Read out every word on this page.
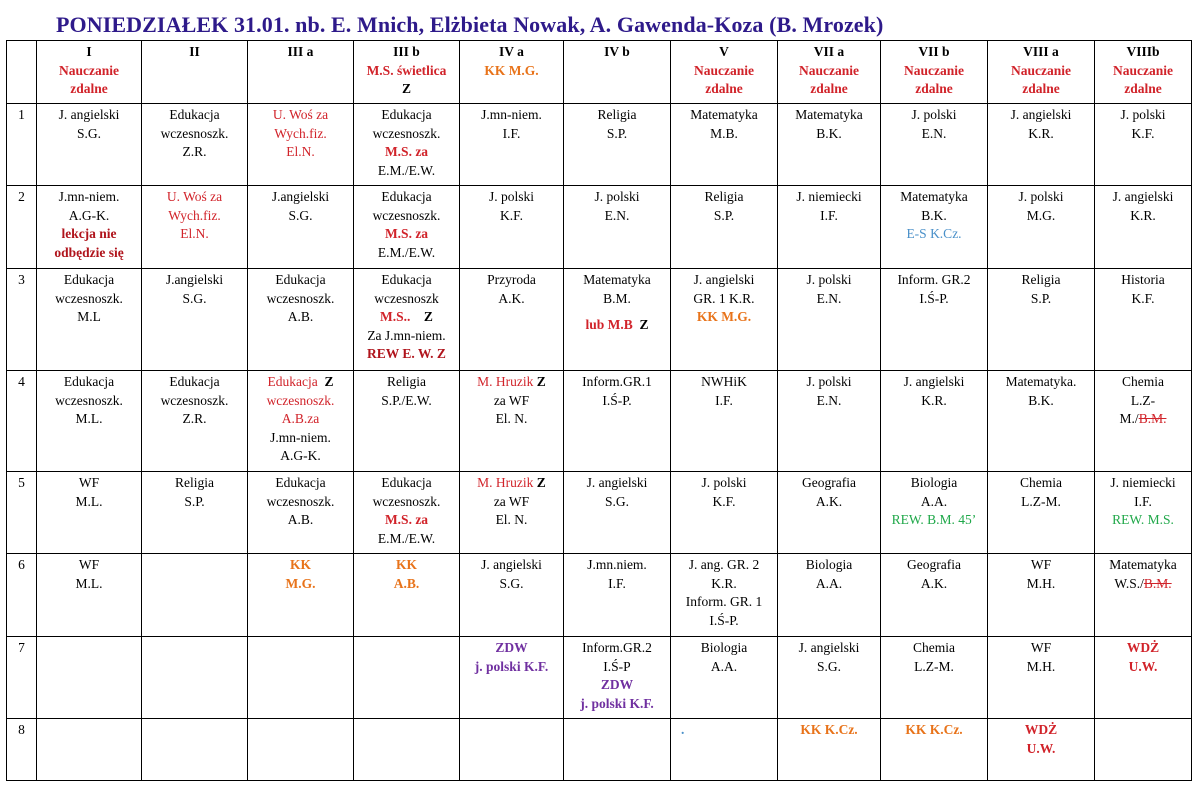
PONIEDZIAŁEK 31.01. nb. E. Mnich, Elżbieta Nowak, A. Gawenda-Koza (B. Mrozek)

	I
Nauczanie
zdalne	II	III a	III b
M.S. świetlica
Z	IV a
KK M.G.	IV b	V
Nauczanie
zdalne	VII a
Nauczanie
zdalne	VII b
Nauczanie
zdalne	VIII a
Nauczanie
zdalne	VIIIb
Nauczanie
zdalne

1	J. angielski
S.G.	Edukacja
wczesnoszk.
Z.R.	U. Woś za
Wych.fiz.
El.N.	Edukacja
wczesnoszk.
M.S. za
E.M./E.W.	J.mn-niem.
I.F.	Religia
S.P.	Matematyka
M.B.	Matematyka
B.K.	J. polski
E.N.	J. angielski
K.R.	J. polski
K.F.

2	J.mn-niem.
A.G-K.
lekcja nie
odbędzie się	U. Woś za
Wych.fiz.
El.N.	J.angielski
S.G.	Edukacja
wczesnoszk.
M.S. za
E.M./E.W.	J. polski
K.F.	J. polski
E.N.	Religia
S.P.	J. niemiecki
I.F.	Matematyka
B.K.
E-S K.Cz.	J. polski
M.G.	J. angielski
K.R.

3	Edukacja
wczesnoszk.
M.L	J.angielski
S.G.	Edukacja
wczesnoszk.
A.B.	Edukacja
wczesnoszk
M.S.. Z
Za J.mn-niem.
REW E. W. Z	Przyroda
A.K.	Matematyka
B.M.
lub M.B Z	J. angielski
GR. 1 K.R.
KK M.G.	J. polski
E.N.	Inform. GR.2
I.Ś-P.	Religia
S.P.	Historia
K.F.

4	Edukacja
wczesnoszk.
M.L.	Edukacja
wczesnoszk.
Z.R.	Edukacja Z
wczesnoszk.
A.B.za
J.mn-niem.
A.G-K.	Religia
S.P./E.W.	M. Hruzik Z
za WF
El. N.	Inform.GR.1
I.Ś-P.	NWHiK
I.F.	J. polski
E.N.	J. angielski
K.R.	Matematyka.
B.K.	Chemia
L.Z-
M./B.M.

5	WF
M.L.	Religia
S.P.	Edukacja
wczesnoszk.
A.B.	Edukacja
wczesnoszk.
M.S. za
E.M./E.W.	M. Hruzik Z
za WF
El. N.	J. angielski
S.G.	J. polski
K.F.	Geografia
A.K.	Biologia
A.A.
REW. B.M. 45’	Chemia
L.Z-M.	J. niemiecki
I.F.
REW. M.S.

6	WF
M.L.		KK
M.G.	KK
A.B.	J. angielski
S.G.	J.mn.niem.
I.F.	J. ang. GR. 2
K.R.
Inform. GR. 1
I.Ś-P.	Biologia
A.A.	Geografia
A.K.	WF
M.H.	Matematyka
W.S./B.M.

7					ZDW
j. polski K.F.	Inform.GR.2
I.Ś-P
ZDW
j. polski K.F.	Biologia
A.A.	J. angielski
S.G.	Chemia
L.Z-M.	WF
M.H.	WDŻ
U.W.

8							.	KK K.Cz.	KK K.Cz.	WDŻ
U.W.	
